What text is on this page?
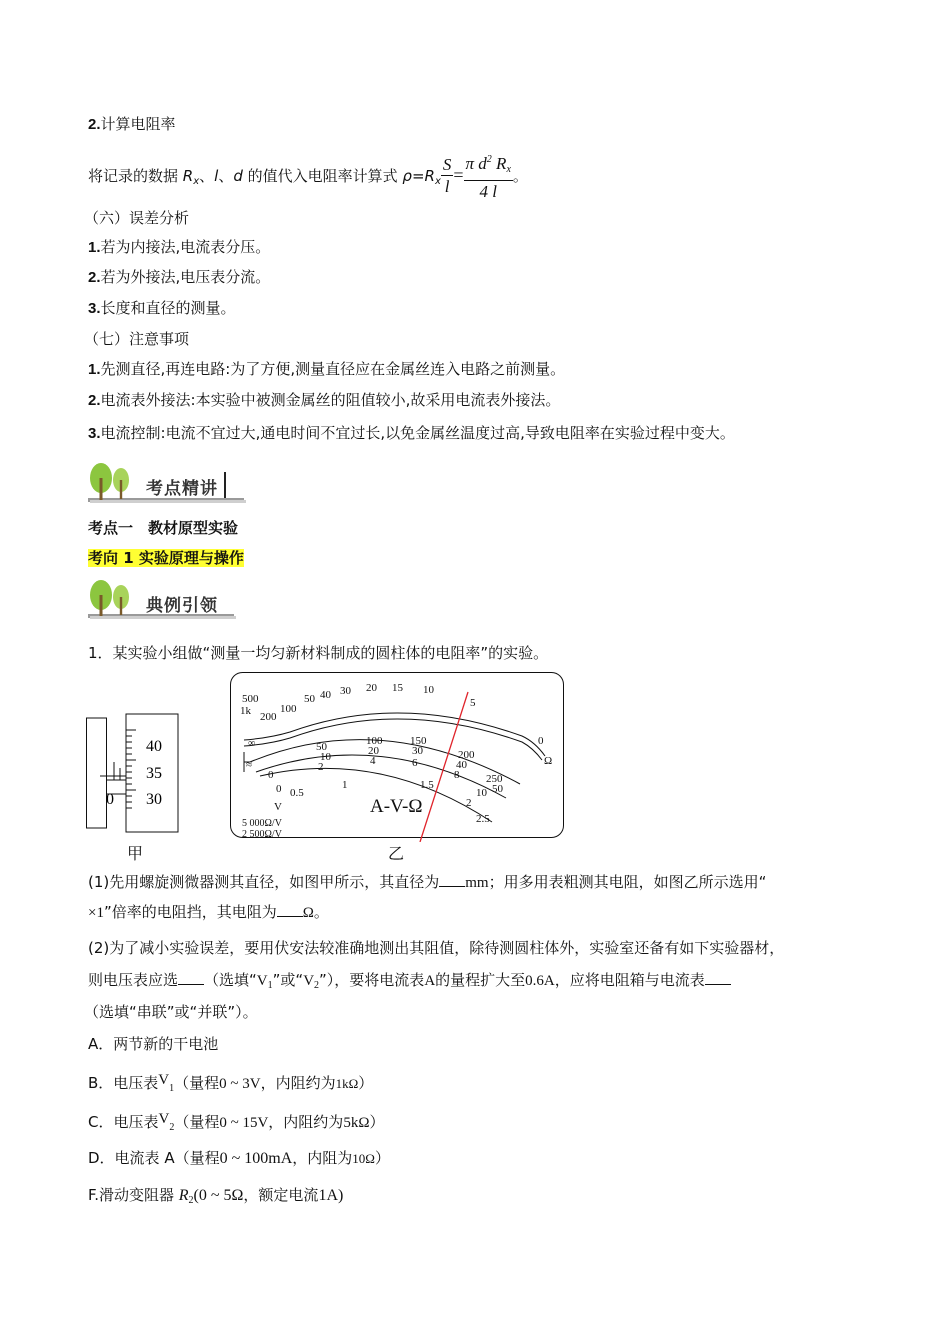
2.计算电阻率
将记录的数据 $R_x$、l、d 的值代入电阻率计算式 $\rho=R_x \frac{S}{l} = \frac{\pi d^2 R_x}{4 l}$ 。
（六）误差分析
1.若为内接法,电流表分压。
2.若为外接法,电压表分流。
3.长度和直径的测量。
（七）注意事项
1.先测直径,再连电路:为了方便,测量直径应在金属丝连入电路之前测量。
2.电流表外接法:本实验中被测金属丝的阻值较小,故采用电流表外接法。
3.电流控制:电流不宜过大,通电时间不宜过长,以免金属丝温度过高,导致电阻率在实验过程中变大。
考点精讲
考点一　教材原型实验
考向 1 实验原理与操作
典例引领
1．某实验小组做“测量一均匀新材料制成的圆柱体的电阻率”的实验。
40
35
30
0
甲
500
1k 200
100
50 40 30 20 15 10
5
0
Ω
∞	50	100	150
200
250
10	20	30
40
50
0
2	4	6
8
10
0 0.5
1	1.5
2
2.5
≈
V
5 000Ω/V
2 500Ω/V
A-V-Ω
乙
(1)先用螺旋测微器测其直径，如图甲所示，其直径为 mm；用多用表粗测其电阻，如图乙所示选用“
×1”倍率的电阻挡，其电阻为 Ω。
(2)为了减小实验误差，要用伏安法较准确地测出其阻值，除待测圆柱体外，实验室还备有如下实验器材，
则电压表应选 （选填“$V_1$”或“$V_2$”），要将电流表A的量程扩大至0.6A，应将电阻箱与电流表
（选填“串联”或“并联”）。
A．两节新的干电池
B．电压表$V_1$（量程0 ~ 3V，内阻约为1kΩ）
C．电压表$V_2$（量程0 ~ 15V，内阻约为5kΩ）
D．电流表 A（量程0 ~ 100mA，内阻为10Ω）
F.滑动变阻器 $R_2(0$ ~ 5Ω，额定电流1A)
